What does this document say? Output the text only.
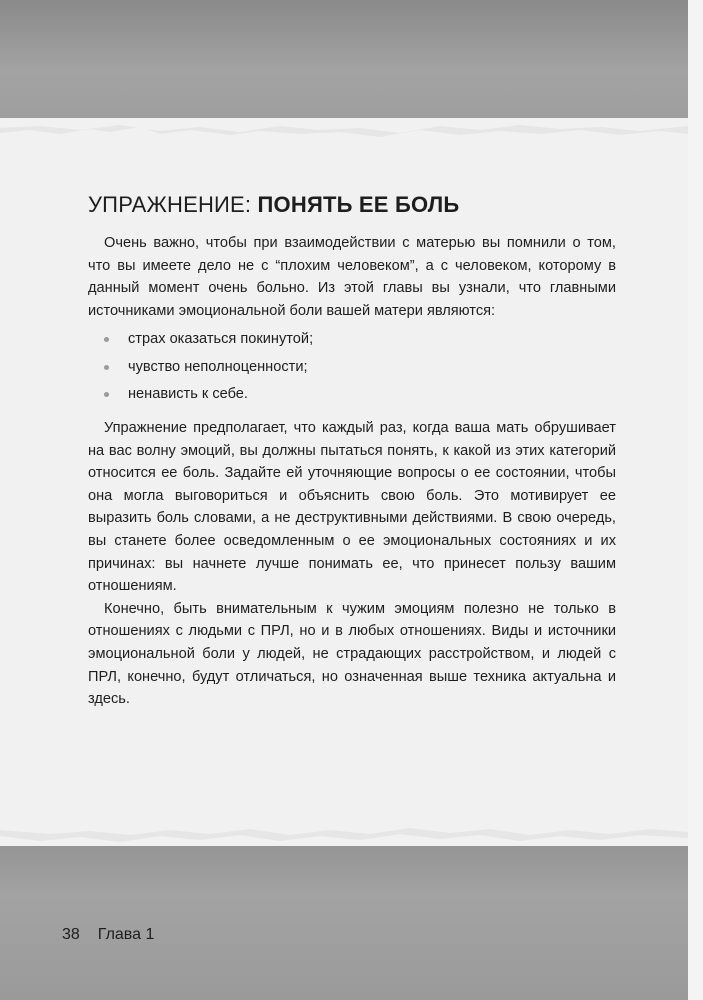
УПРАЖНЕНИЕ: ПОНЯТЬ ЕЕ БОЛЬ

Очень важно, чтобы при взаимодействии с матерью вы помнили о том, что вы имеете дело не с “плохим человеком”, а с человеком, которому в данный момент очень больно. Из этой главы вы узнали, что главными источниками эмоциональной боли вашей матери являются:

страх оказаться покинутой;
чувство неполноценности;
ненависть к себе.

Упражнение предполагает, что каждый раз, когда ваша мать обрушивает на вас волну эмоций, вы должны пытаться понять, к какой из этих категорий относится ее боль. Задайте ей уточняющие вопросы о ее состоянии, чтобы она могла выговориться и объяснить свою боль. Это мотивирует ее выразить боль словами, а не деструктивными действиями. В свою очередь, вы станете более осведомленным о ее эмоциональных состояниях и их причинах: вы начнете лучше понимать ее, что принесет пользу вашим отношениям.

Конечно, быть внимательным к чужим эмоциям полезно не только в отношениях с людьми с ПРЛ, но и в любых отношениях. Виды и источники эмоциональной боли у людей, не страдающих расстройством, и людей с ПРЛ, конечно, будут отличаться, но означенная выше техника актуальна и здесь.

38 Глава 1
